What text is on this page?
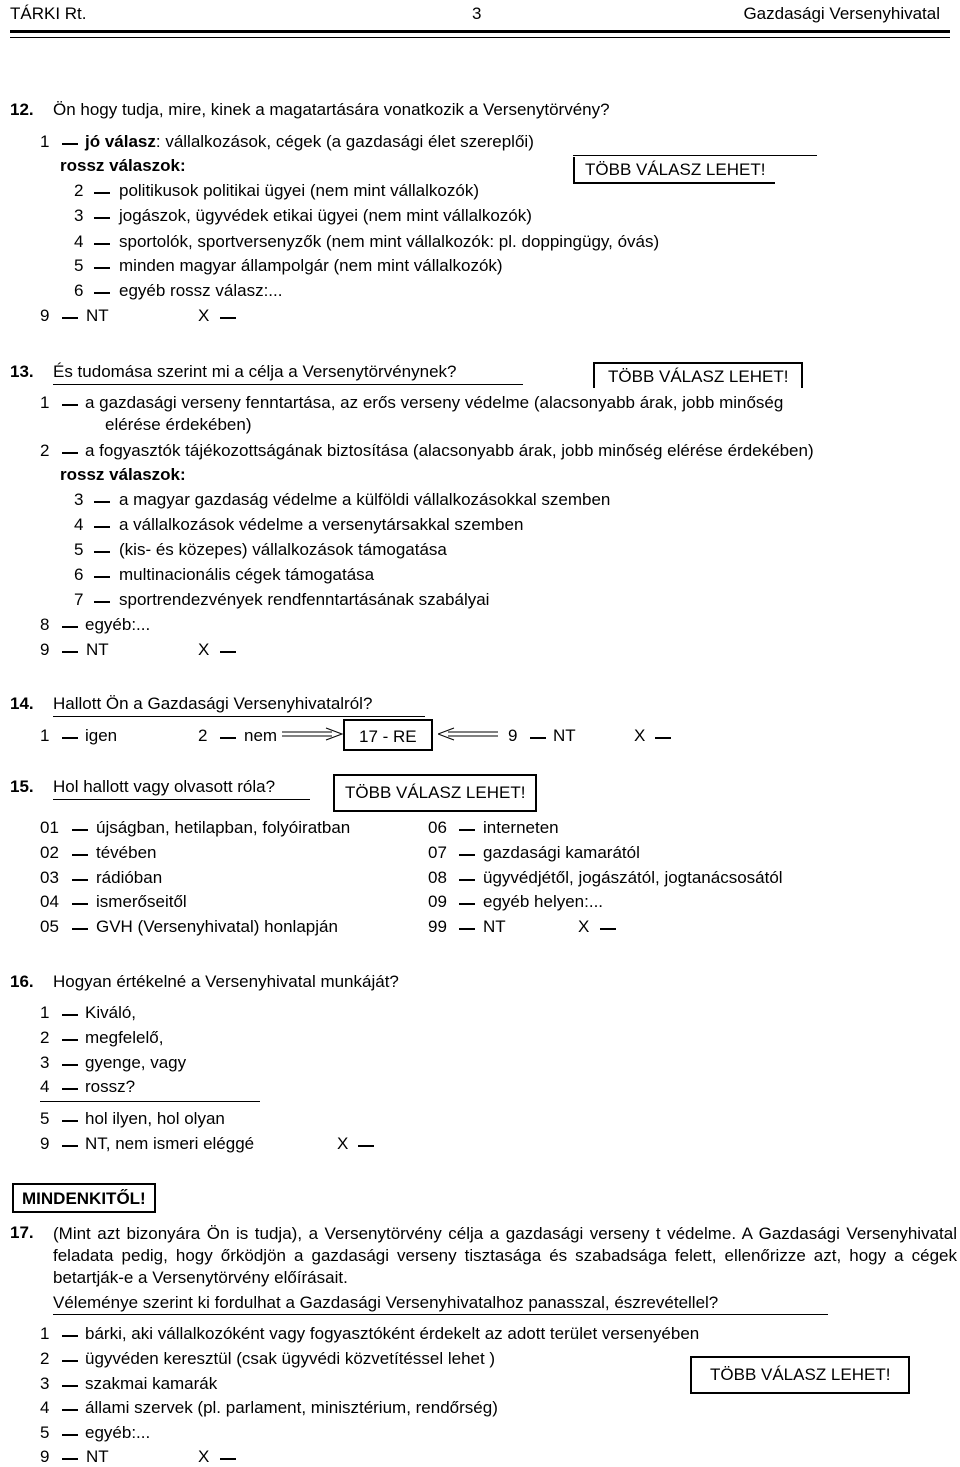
TÁRKI Rt.	3	Gazdasági Versenyhivatal
12. Ön hogy tudja, mire, kinek a magatartására vonatkozik a Versenytörvény?
1 jó válasz: vállalkozások, cégek (a gazdasági élet szereplői)
rossz válaszok:	TÖBB VÁLASZ LEHET!
2 politikusok politikai ügyei (nem mint vállalkozók)
3 jogászok, ügyvédek etikai ügyei (nem mint vállalkozók)
4 sportolók, sportversenyzők (nem mint vállalkozók: pl. doppingügy, óvás)
5 minden magyar állampolgár (nem mint vállalkozók)
6 egyéb rossz válasz:...
9 NT	X
13. És tudomása szerint mi a célja a Versenytörvénynek?	TÖBB VÁLASZ LEHET!
1 a gazdasági verseny fenntartása, az erős verseny védelme (alacsonyabb árak, jobb minőség
elérése érdekében)
2 a fogyasztók tájékozottságának biztosítása (alacsonyabb árak, jobb minőség elérése érdekében)
rossz válaszok:
3 a magyar gazdaság védelme a külföldi vállalkozásokkal szemben
4 a vállalkozások védelme a versenytársakkal szemben
5 (kis- és közepes) vállalkozások támogatása
6 multinacionális cégek támogatása
7 sportrendezvények rendfenntartásának szabályai
8 egyéb:...
9 NT	X
14. Hallott Ön a Gazdasági Versenyhivatalról?
1 igen	2 nem	17 - RE	9 NT	X
15. Hol hallott vagy olvasott róla?	TÖBB VÁLASZ LEHET!
01 újságban, hetilapban, folyóiratban
02 tévében
03 rádióban
04 ismerőseitől
05 GVH (Versenyhivatal) honlapján
06 interneten
07 gazdasági kamarától
08 ügyvédjétől, jogászától, jogtanácsosától
09 egyéb helyen:...
99 NT	X
16. Hogyan értékelné a Versenyhivatal munkáját?
1 Kiváló,
2 megfelelő,
3 gyenge, vagy
4 rossz?
5 hol ilyen, hol olyan
9 NT, nem ismeri eléggé	X
MINDENKITŐL!
17. (Mint azt bizonyára Ön is tudja), a Versenytörvény célja a gazdasági verseny t védelme. A Gazdasági Versenyhivatal feladata pedig, hogy őrködjön a gazdasági verseny tisztasága és szabadsága felett, ellenőrizze azt, hogy a cégek betartják-e a Versenytörvény előírásait.
Véleménye szerint ki fordulhat a Gazdasági Versenyhivatalhoz panasszal, észrevétellel?
1 bárki, aki vállalkozóként vagy fogyasztóként érdekelt az adott terület versenyében
2 ügyvéden keresztül (csak ügyvédi közvetítéssel lehet )
TÖBB VÁLASZ LEHET!
3 szakmai kamarák
4 állami szervek (pl. parlament, minisztérium, rendőrség)
5 egyéb:...
9 NT	X
